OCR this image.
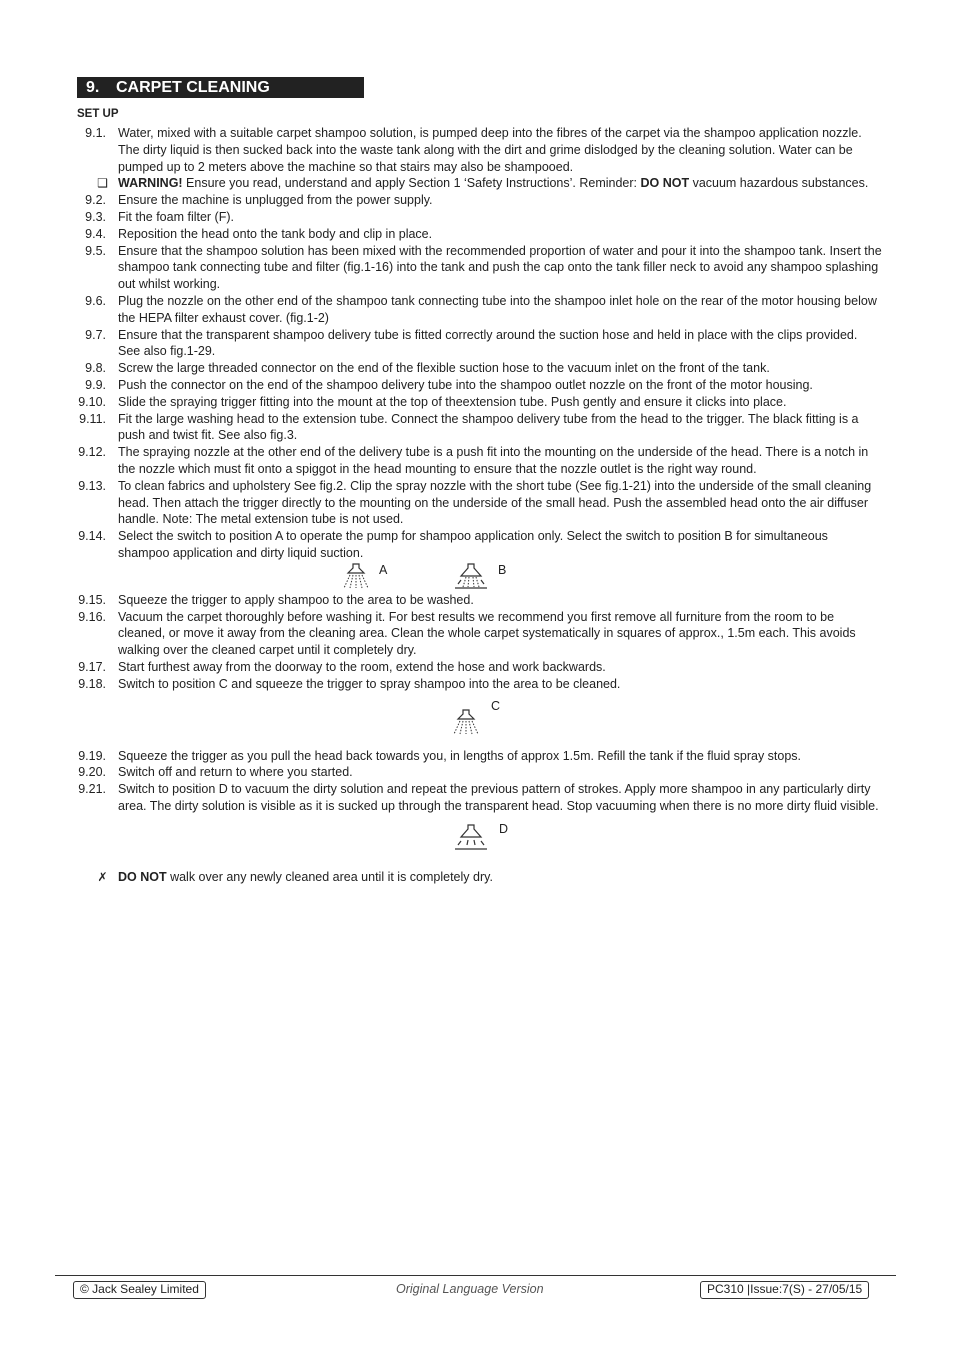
9. CARPET CLEANING
SET UP
9.1. Water, mixed with a suitable carpet shampoo solution, is pumped deep into the fibres of the carpet via the shampoo application nozzle. The dirty liquid is then sucked back into the waste tank along with the dirt and grime dislodged by the cleaning solution. Water can be pumped up to 2 meters above the machine so that stairs may also be shampooed.
❑ WARNING! Ensure you read, understand and apply Section 1 ‘Safety Instructions’. Reminder: DO NOT vacuum hazardous substances.
9.2. Ensure the machine is unplugged from the power supply.
9.3. Fit the foam filter (F).
9.4. Reposition the head onto the tank body and clip in place.
9.5. Ensure that the shampoo solution has been mixed with the recommended proportion of water and pour it into the shampoo tank. Insert the shampoo tank connecting tube and filter (fig.1-16) into the tank and push the cap onto the tank filler neck to avoid any shampoo splashing out whilst working.
9.6. Plug the nozzle on the other end of the shampoo tank connecting tube into the shampoo inlet hole on the rear of the motor housing below the HEPA filter exhaust cover. (fig.1-2)
9.7. Ensure that the transparent shampoo delivery tube is fitted correctly around the suction hose and held in place with the clips provided. See also fig.1-29.
9.8. Screw the large threaded connector on the end of the flexible suction hose to the vacuum inlet on the front of the tank.
9.9. Push the connector on the end of the shampoo delivery tube into the shampoo outlet nozzle on the front of the motor housing.
9.10. Slide the spraying trigger fitting into the mount at the top of theextension tube. Push gently and ensure it clicks into place.
9.11. Fit the large washing head to the extension tube. Connect the shampoo delivery tube from the head to the trigger. The black fitting is a push and twist fit. See also fig.3.
9.12. The spraying nozzle at the other end of the delivery tube is a push fit into the mounting on the underside of the head. There is a notch in the nozzle which must fit onto a spiggot in the head mounting to ensure that the nozzle outlet is the right way round.
9.13. To clean fabrics and upholstery See fig.2. Clip the spray nozzle with the short tube (See fig.1-21) into the underside of the small cleaning head. Then attach the trigger directly to the mounting on the underside of the small head. Push the assembled head onto the air diffuser handle. Note: The metal extension tube is not used.
9.14. Select the switch to position A to operate the pump for shampoo application only. Select the switch to position B for simultaneous shampoo application and dirty liquid suction.
A	B
9.15. Squeeze the trigger to apply shampoo to the area to be washed.
9.16. Vacuum the carpet thoroughly before washing it. For best results we recommend you first remove all furniture from the room to be cleaned, or move it away from the cleaning area. Clean the whole carpet systematically in squares of approx., 1.5m each. This avoids walking over the cleaned carpet until it completely dry.
9.17. Start furthest away from the doorway to the room, extend the hose and work backwards.
9.18. Switch to position C and squeeze the trigger to spray shampoo into the area to be cleaned.
C
9.19. Squeeze the trigger as you pull the head back towards you, in lengths of approx 1.5m. Refill the tank if the fluid spray stops.
9.20. Switch off and return to where you started.
9.21. Switch to position D to vacuum the dirty solution and repeat the previous pattern of strokes. Apply more shampoo in any particularly dirty area. The dirty solution is visible as it is sucked up through the transparent head. Stop vacuuming when there is no more dirty fluid visible.
D
✗ DO NOT walk over any newly cleaned area until it is completely dry.
© Jack Sealey Limited	Original Language Version	PC310 |Issue:7(S) - 27/05/15
